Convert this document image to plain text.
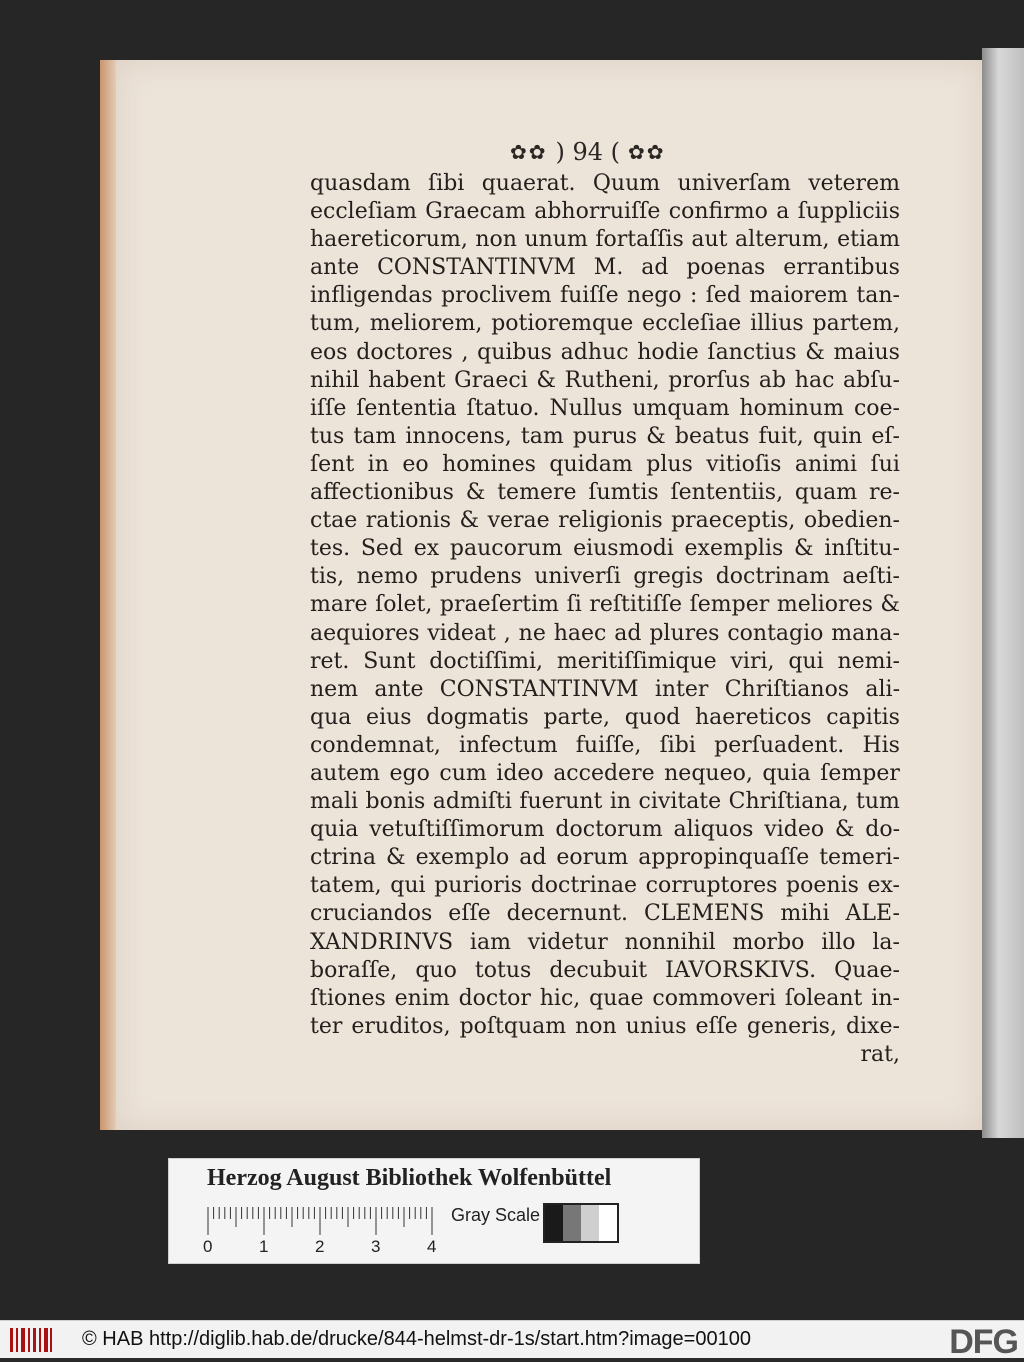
✿✿ ) 94 ( ✿✿
quasdam ſibi quaerat. Quum univerſam veterem
eccleſiam Graecam abhorruiſſe confirmo a ſuppliciis
haereticorum, non unum fortaſſis aut alterum, etiam
ante CONSTANTINVM M. ad poenas errantibus
infligendas proclivem fuiſſe nego : ſed maiorem tan-
tum, meliorem, potioremque eccleſiae illius partem,
eos doctores , quibus adhuc hodie ſanctius & maius
nihil habent Graeci & Rutheni, prorſus ab hac abſu-
iſſe ſententia ſtatuo. Nullus umquam hominum coe-
tus tam innocens, tam purus & beatus fuit, quin eſ-
ſent in eo homines quidam plus vitioſis animi ſui
affectionibus & temere ſumtis ſententiis, quam re-
ctae rationis & verae religionis praeceptis, obedien-
tes. Sed ex paucorum eiusmodi exemplis & inſtitu-
tis, nemo prudens univerſi gregis doctrinam aeſti-
mare ſolet, praeſertim ſi reſtitiſſe ſemper meliores &
aequiores videat , ne haec ad plures contagio mana-
ret. Sunt doctiſſimi, meritiſſimique viri, qui nemi-
nem ante CONSTANTINVM inter Chriſtianos ali-
qua eius dogmatis parte, quod haereticos capitis
condemnat, infectum fuiſſe, ſibi perſuadent. His
autem ego cum ideo accedere nequeo, quia ſemper
mali bonis admiſti fuerunt in civitate Chriſtiana, tum
quia vetuſtiſſimorum doctorum aliquos video & do-
ctrina & exemplo ad eorum appropinquaſſe temeri-
tatem, qui purioris doctrinae corruptores poenis ex-
cruciandos eſſe decernunt. CLEMENS mihi ALE-
XANDRINVS iam videtur nonnihil morbo illo la-
boraſſe, quo totus decubuit IAVORSKIVS. Quae-
ſtiones enim doctor hic, quae commoveri ſoleant in-
ter eruditos, poſtquam non unius eſſe generis, dixe-
rat,
Herzog August Bibliothek Wolfenbüttel
0	1	2	3	4
Gray Scale
© HAB http://diglib.hab.de/drucke/844-helmst-dr-1s/start.htm?image=00100	DFG
